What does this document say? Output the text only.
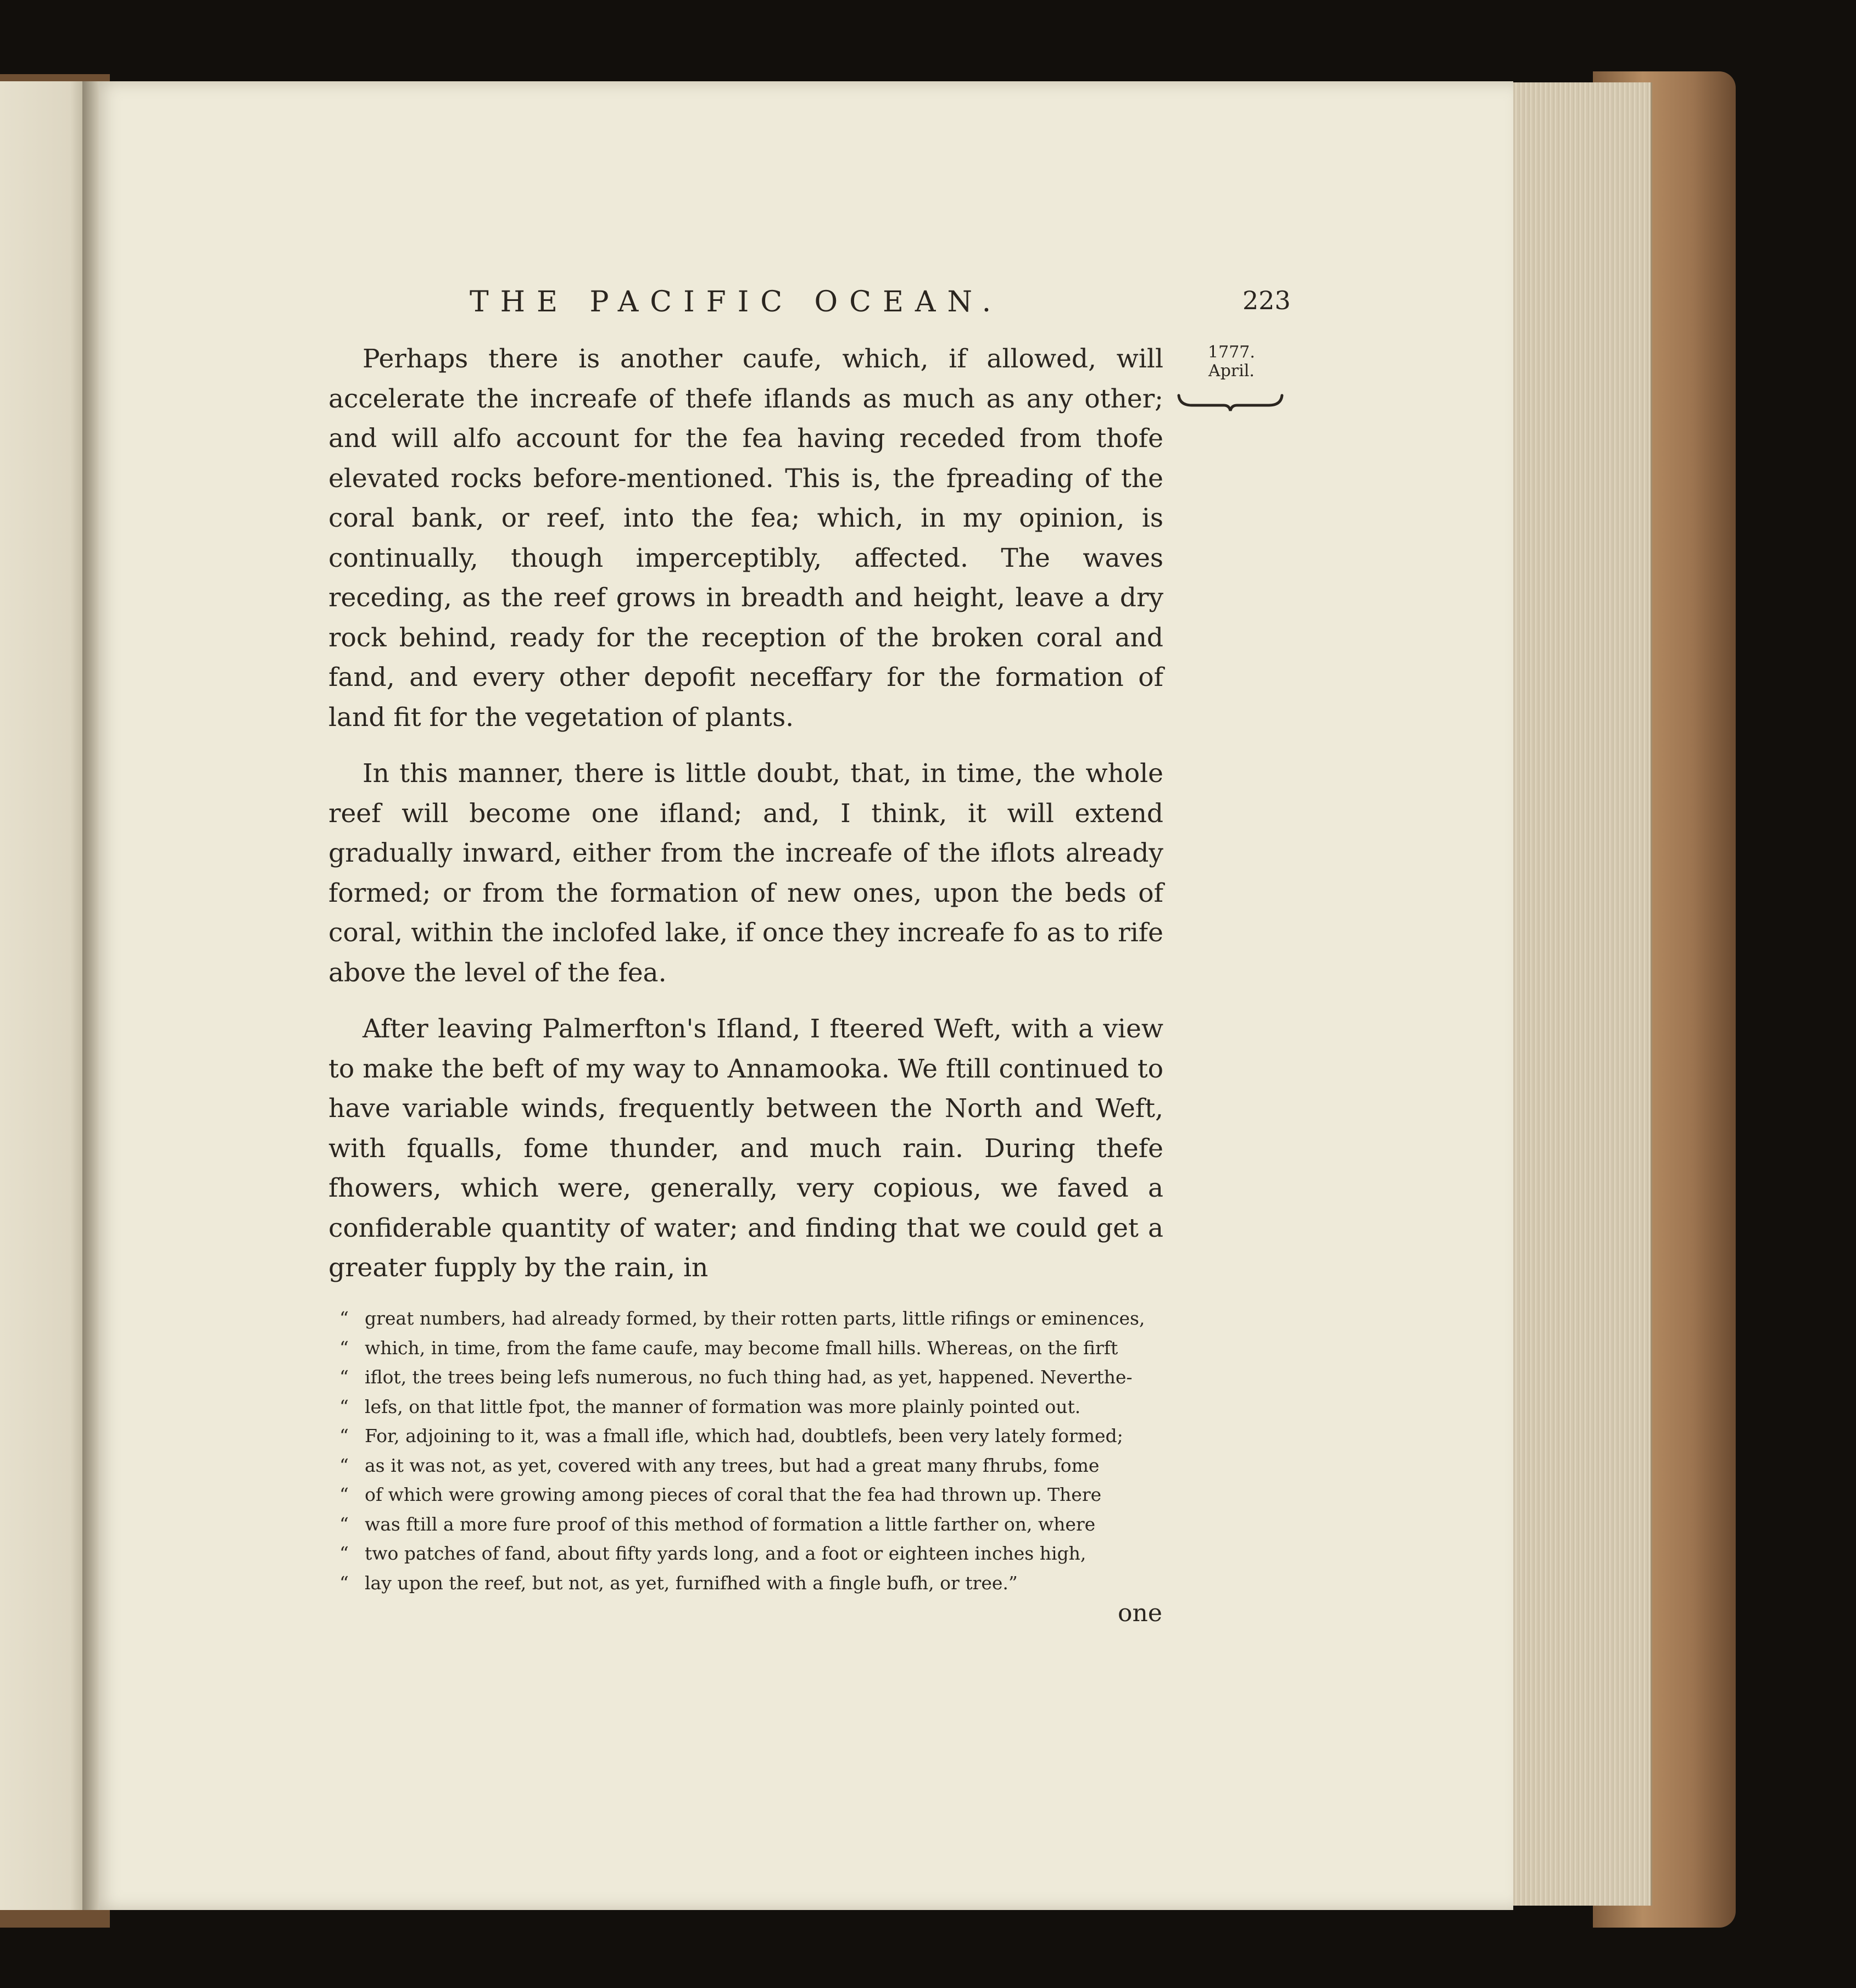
THE PACIFIC OCEAN.	223
1777.
April.

Perhaps there is another caufe, which, if allowed, will accelerate the increafe of thefe iflands as much as any other; and will alfo account for the fea having receded from thofe elevated rocks before-mentioned. This is, the fpreading of the coral bank, or reef, into the fea; which, in my opinion, is continually, though imperceptibly, affected. The waves receding, as the reef grows in breadth and height, leave a dry rock behind, ready for the reception of the broken coral and fand, and every other depofit neceffary for the formation of land fit for the vegetation of plants.

In this manner, there is little doubt, that, in time, the whole reef will become one ifland; and, I think, it will extend gradually inward, either from the increafe of the iflots already formed; or from the formation of new ones, upon the beds of coral, within the inclofed lake, if once they increafe fo as to rife above the level of the fea.

After leaving Palmerfton's Ifland, I fteered Weft, with a view to make the beft of my way to Annamooka. We ftill continued to have variable winds, frequently between the North and Weft, with fqualls, fome thunder, and much rain. During thefe fhowers, which were, generally, very copious, we faved a confiderable quantity of water; and finding that we could get a greater fupply by the rain, in

“ great numbers, had already formed, by their rotten parts, little rifings or eminences,
“ which, in time, from the fame caufe, may become fmall hills. Whereas, on the firft
“ iflot, the trees being lefs numerous, no fuch thing had, as yet, happened. Neverthe-
“ lefs, on that little fpot, the manner of formation was more plainly pointed out.
“ For, adjoining to it, was a fmall ifle, which had, doubtlefs, been very lately formed;
“ as it was not, as yet, covered with any trees, but had a great many fhrubs, fome
“ of which were growing among pieces of coral that the fea had thrown up. There
“ was ftill a more fure proof of this method of formation a little farther on, where
“ two patches of fand, about fifty yards long, and a foot or eighteen inches high,
“ lay upon the reef, but not, as yet, furnifhed with a fingle bufh, or tree.”
one
